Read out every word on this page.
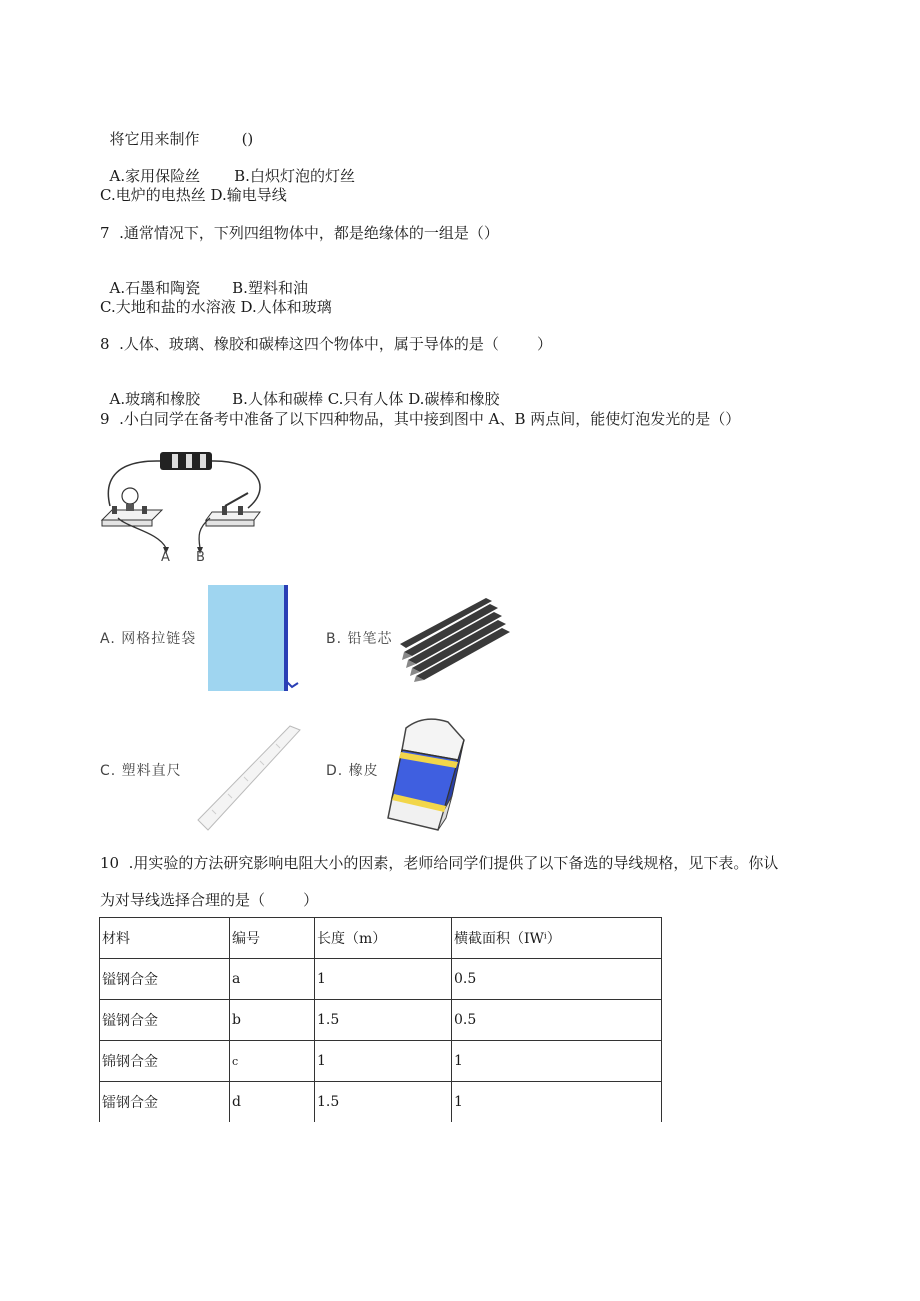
将它用来制作	()

A.家用保险丝 B.白炽灯泡的灯丝

C.电炉的电热丝 D.输电导线
7  .通常情况下，下列四组物体中，都是绝缘体的一组是（）

A.石墨和陶瓷 B.塑料和油

C.大地和盐的水溶液 D.人体和玻璃
8  .人体、玻璃、橡胶和碳棒这四个物体中，属于导体的是（        ）

A.玻璃和橡胶 B.人体和碳棒 C.只有人体 D.碳棒和橡胶

9  .小白同学在备考中准备了以下四种物品，其中接到图中 A、B 两点间，能使灯泡发光的是（）
A B
A. 网格拉链袋	B. 铅笔芯
C. 塑料直尺	D. 橡皮
10  .用实验的方法研究影响电阻大小的因素，老师给同学们提供了以下备选的导线规格，见下表。你认
为对导线选择合理的是（        ）
材料	编号	长度（m）	横截面积（IWⁱ）
镒钢合金	a	1	0.5
镒钢合金	b	1.5	0.5
锦钢合金	c	1	1
镭钢合金	d	1.5	1
